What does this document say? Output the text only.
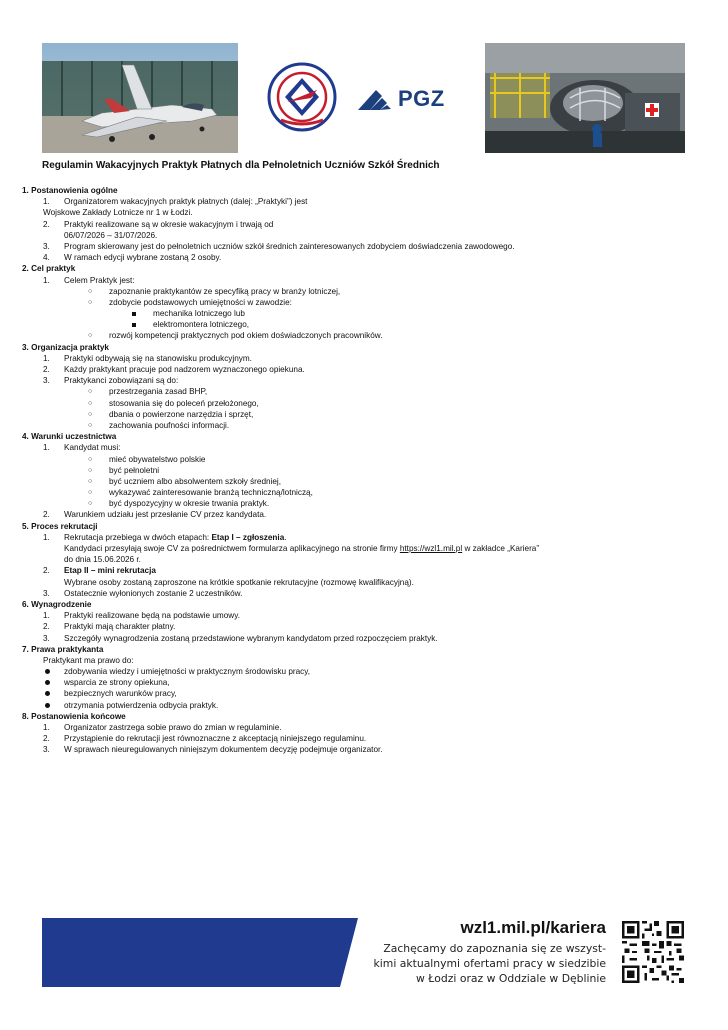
PGZ
Regulamin Wakacyjnych Praktyk Płatnych dla Pełnoletnich Uczniów Szkół Średnich
1. Postanowienia ogólne
1. Organizatorem wakacyjnych praktyk płatnych (dalej: „Praktyki”) jest
Wojskowe Zakłady Lotnicze nr 1 w Łodzi.
2. Praktyki realizowane są w okresie wakacyjnym i trwają od
06/07/2026 – 31/07/2026.
3. Program skierowany jest do pełnoletnich uczniów szkół średnich zainteresowanych zdobyciem doświadczenia zawodowego.
4. W ramach edycji wybrane zostaną 2 osoby.
2. Cel praktyk
1. Celem Praktyk jest:
○ zapoznanie praktykantów ze specyfiką pracy w branży lotniczej,
○ zdobycie podstawowych umiejętności w zawodzie:
mechanika lotniczego lub
elektromontera lotniczego,
○ rozwój kompetencji praktycznych pod okiem doświadczonych pracowników.
3. Organizacja praktyk
1. Praktyki odbywają się na stanowisku produkcyjnym.
2. Każdy praktykant pracuje pod nadzorem wyznaczonego opiekuna.
3. Praktykanci zobowiązani są do:
○ przestrzegania zasad BHP,
○ stosowania się do poleceń przełożonego,
○ dbania o powierzone narzędzia i sprzęt,
○ zachowania poufności informacji.
4. Warunki uczestnictwa
1. Kandydat musi:
○ mieć obywatelstwo polskie
○ być pełnoletni
○ być uczniem albo absolwentem szkoły średniej,
○ wykazywać zainteresowanie branżą techniczną/lotniczą,
○ być dyspozycyjny w okresie trwania praktyk.
2. Warunkiem udziału jest przesłanie CV przez kandydata.
5. Proces rekrutacji
1. Rekrutacja przebiega w dwóch etapach: Etap I – zgłoszenia.
Kandydaci przesyłają swoje CV za pośrednictwem formularza aplikacyjnego na stronie firmy https://wzl1.mil.pl w zakładce „Kariera”
do dnia 15.06.2026 r.
2. Etap II – mini rekrutacja
Wybrane osoby zostaną zaproszone na krótkie spotkanie rekrutacyjne (rozmowę kwalifikacyjną).
3. Ostatecznie wyłonionych zostanie 2 uczestników.
6. Wynagrodzenie
1. Praktyki realizowane będą na podstawie umowy.
2. Praktyki mają charakter płatny.
3. Szczegóły wynagrodzenia zostaną przedstawione wybranym kandydatom przed rozpoczęciem praktyk.
7. Prawa praktykanta
Praktykant ma prawo do:
zdobywania wiedzy i umiejętności w praktycznym środowisku pracy,
wsparcia ze strony opiekuna,
bezpiecznych warunków pracy,
otrzymania potwierdzenia odbycia praktyk.
8. Postanowienia końcowe
1. Organizator zastrzega sobie prawo do zmian w regulaminie.
2. Przystąpienie do rekrutacji jest równoznaczne z akceptacją niniejszego regulaminu.
3. W sprawach nieuregulowanych niniejszym dokumentem decyzję podejmuje organizator.
wzl1.mil.pl/kariera
Zachęcamy do zapoznania się ze wszyst-
kimi aktualnymi ofertami pracy w siedzibie
w Łodzi oraz w Oddziale w Dęblinie
